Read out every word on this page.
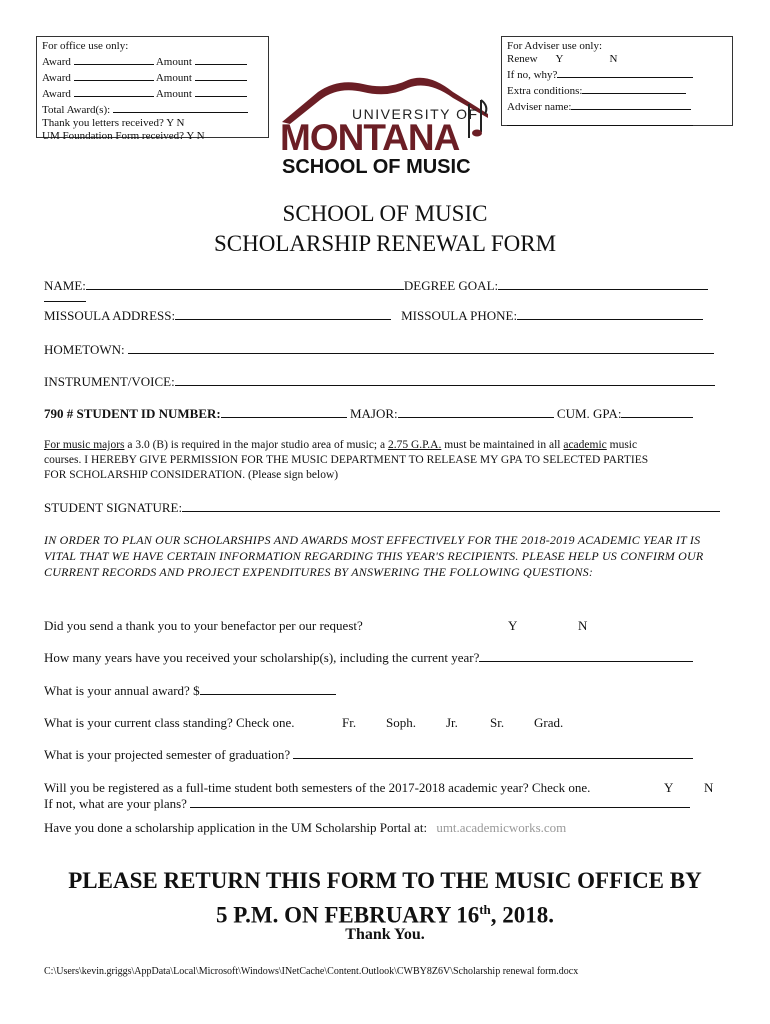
For office use only:
Award	Amount
Award	Amount
Award	Amount
Total Award(s):
Thank you letters received? Y N
UM Foundation Form received? Y N
For Adviser use only:
Renew Y	N
If no, why?
Extra conditions:
Adviser name:
UNIVERSITY OF
MONTANA
SCHOOL OF MUSIC
SCHOOL OF MUSIC
SCHOLARSHIP RENEWAL FORM
NAME:	DEGREE GOAL:
MISSOULA ADDRESS:	MISSOULA PHONE:
HOMETOWN:
INSTRUMENT/VOICE:
790 # STUDENT ID NUMBER:	MAJOR:	CUM. GPA:
For music majors a 3.0 (B) is required in the major studio area of music; a 2.75 G.P.A. must be maintained in all academic music
courses. I HEREBY GIVE PERMISSION FOR THE MUSIC DEPARTMENT TO RELEASE MY GPA TO SELECTED PARTIES
FOR SCHOLARSHIP CONSIDERATION. (Please sign below)
STUDENT SIGNATURE:
IN ORDER TO PLAN OUR SCHOLARSHIPS AND AWARDS MOST EFFECTIVELY FOR THE 2018-2019 ACADEMIC YEAR IT IS VITAL THAT WE HAVE CERTAIN INFORMATION REGARDING THIS YEAR'S RECIPIENTS. PLEASE HELP US CONFIRM OUR CURRENT RECORDS AND PROJECT EXPENDITURES BY ANSWERING THE FOLLOWING QUESTIONS:
Did you send a thank you to your benefactor per our request?	Y	N
How many years have you received your scholarship(s), including the current year?
What is your annual award? $
What is your current class standing? Check one.	Fr. Soph. Jr. Sr. Grad.
What is your projected semester of graduation?
Will you be registered as a full-time student both semesters of the 2017-2018 academic year? Check one.	Y N
If not, what are your plans?
Have you done a scholarship application in the UM Scholarship Portal at: umt.academicworks.com
PLEASE RETURN THIS FORM TO THE MUSIC OFFICE BY
5 P.M. ON FEBRUARY 16th, 2018.
Thank You.
C:\Users\kevin.griggs\AppData\Local\Microsoft\Windows\INetCache\Content.Outlook\CWBY8Z6V\Scholarship renewal form.docx
